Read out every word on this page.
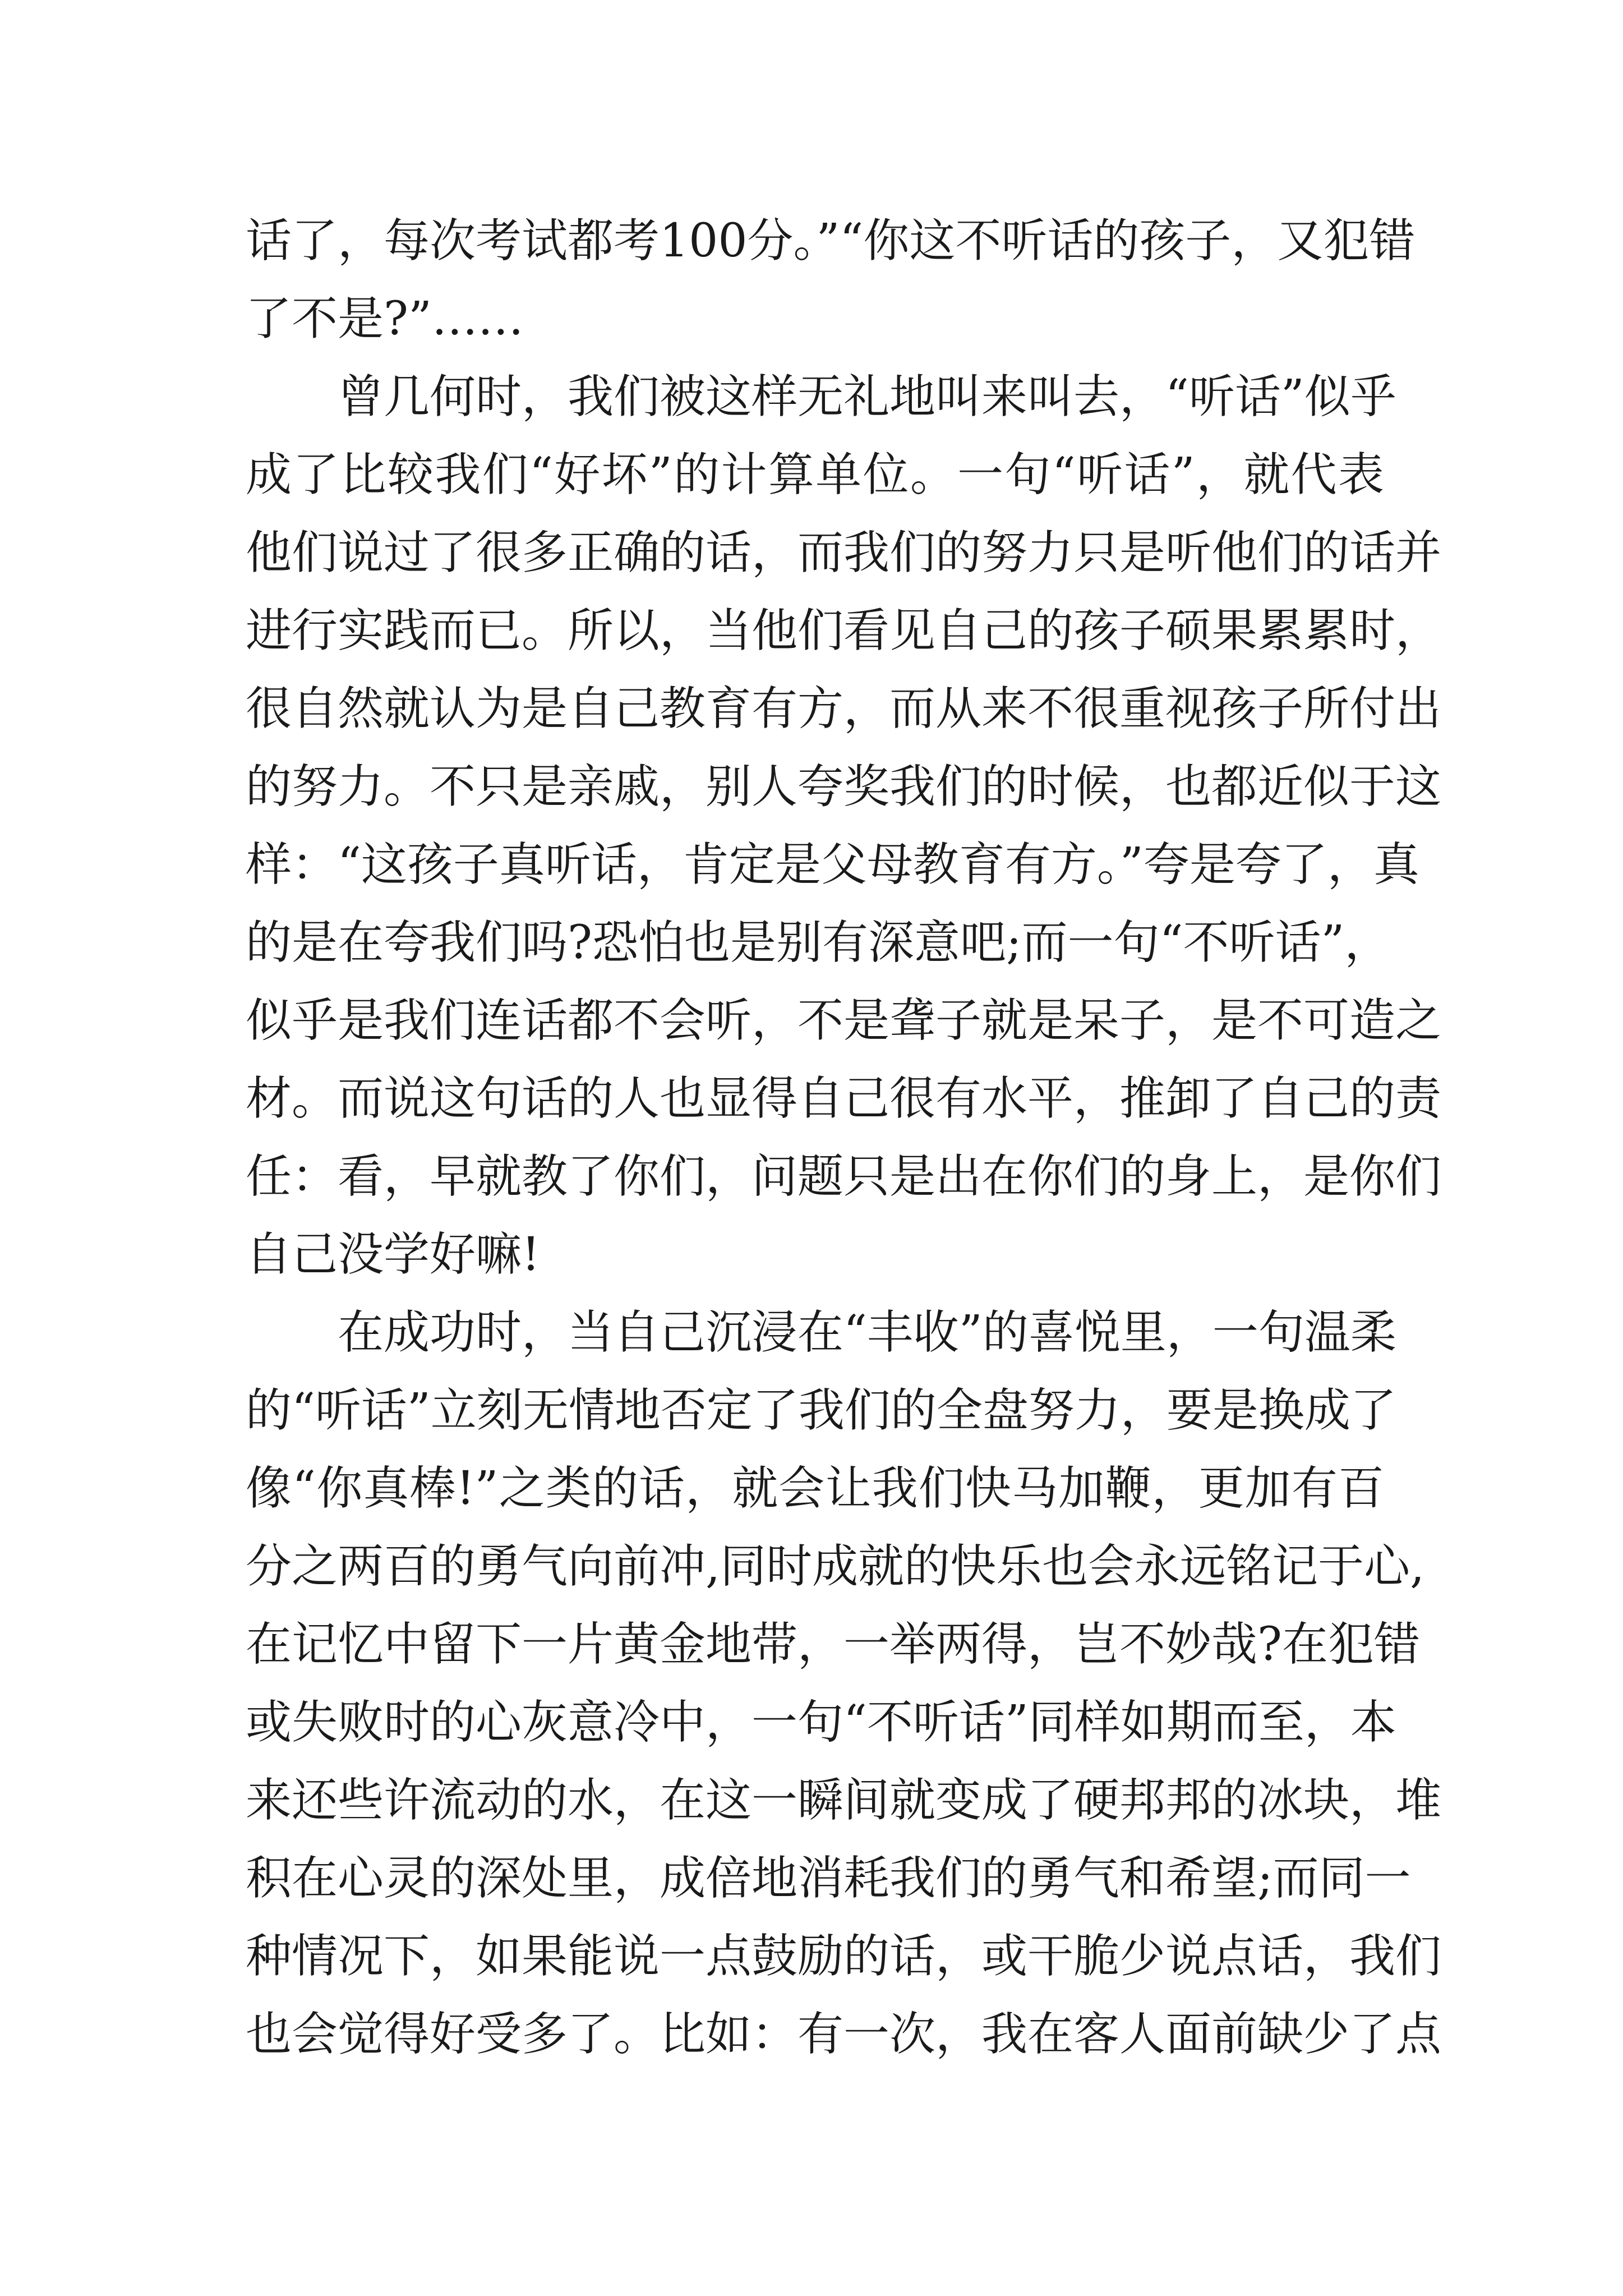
话了，每次考试都考100分。”“你这不听话的孩子，又犯错
了不是?”……
曾几何时，我们被这样无礼地叫来叫去，“听话”似乎
成了比较我们“好坏”的计算单位。一句“听话”，就代表
他们说过了很多正确的话，而我们的努力只是听他们的话并
进行实践而已。所以，当他们看见自己的孩子硕果累累时，
很自然就认为是自己教育有方，而从来不很重视孩子所付出
的努力。不只是亲戚，别人夸奖我们的时候，也都近似于这
样：“这孩子真听话，肯定是父母教育有方。”夸是夸了，真
的是在夸我们吗?恐怕也是别有深意吧;而一句“不听话”，
似乎是我们连话都不会听，不是聋子就是呆子，是不可造之
材。而说这句话的人也显得自己很有水平，推卸了自己的责
任：看，早就教了你们，问题只是出在你们的身上，是你们
自己没学好嘛!
在成功时，当自己沉浸在“丰收”的喜悦里，一句温柔
的“听话”立刻无情地否定了我们的全盘努力，要是换成了
像“你真棒!”之类的话，就会让我们快马加鞭，更加有百
分之两百的勇气向前冲,同时成就的快乐也会永远铭记于心,
在记忆中留下一片黄金地带，一举两得，岂不妙哉?在犯错
或失败时的心灰意冷中，一句“不听话”同样如期而至，本
来还些许流动的水，在这一瞬间就变成了硬邦邦的冰块，堆
积在心灵的深处里，成倍地消耗我们的勇气和希望;而同一
种情况下，如果能说一点鼓励的话，或干脆少说点话，我们
也会觉得好受多了。比如：有一次，我在客人面前缺少了点
